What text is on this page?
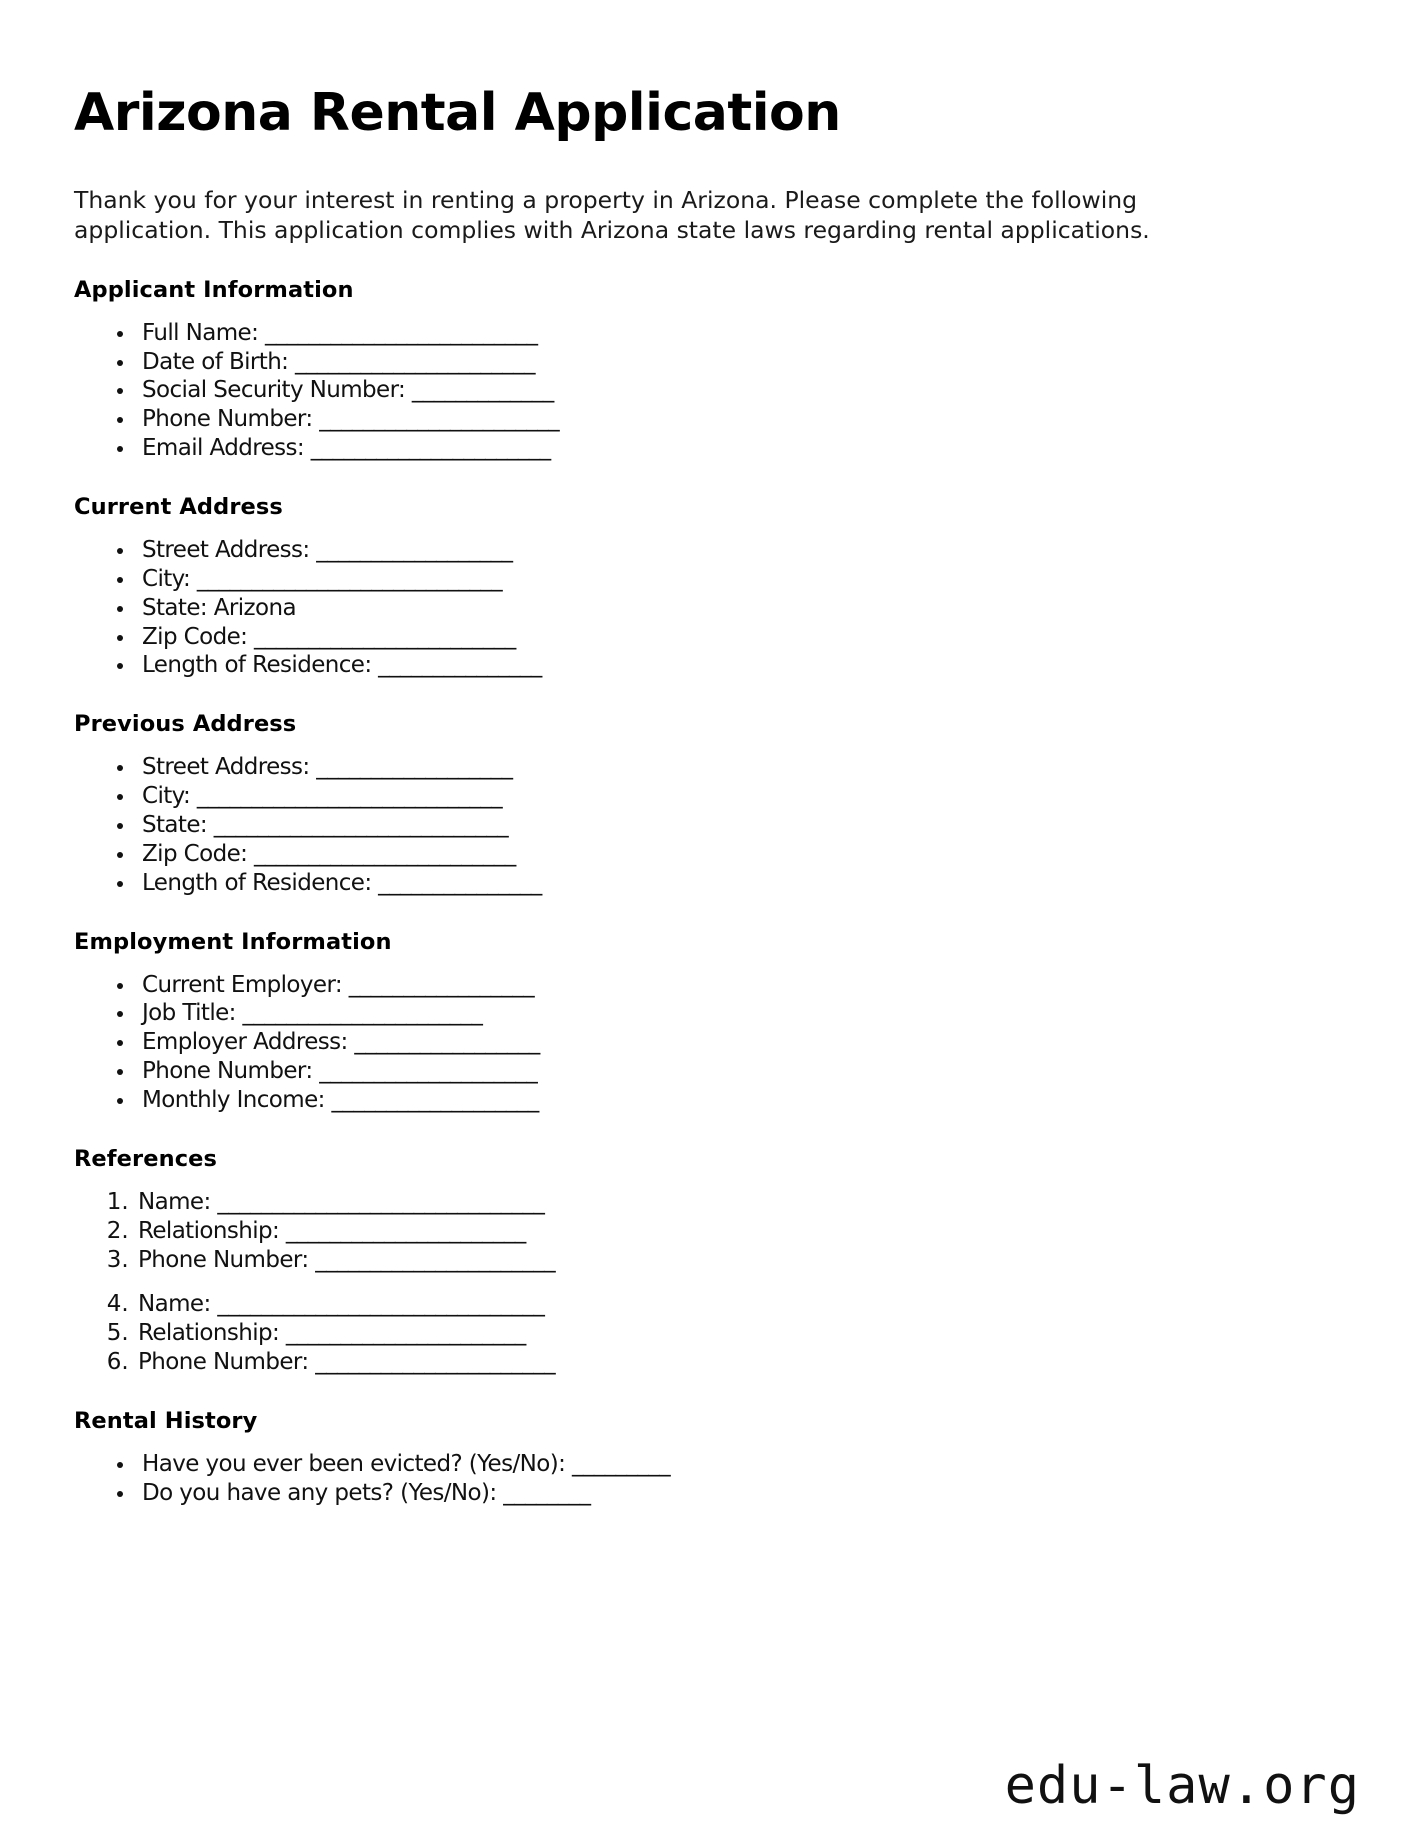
Arizona Rental Application

Thank you for your interest in renting a property in Arizona. Please complete the following application. This application complies with Arizona state laws regarding rental applications.

Applicant Information
• Full Name: _________________________
• Date of Birth: ______________________
• Social Security Number: _____________
• Phone Number: ______________________
• Email Address: ______________________
Current Address
• Street Address: __________________
• City: ____________________________
• State: Arizona
• Zip Code: ________________________
• Length of Residence: _______________
Previous Address
• Street Address: __________________
• City: ____________________________
• State: ___________________________
• Zip Code: ________________________
• Length of Residence: _______________
Employment Information
• Current Employer: _________________
• Job Title: ______________________
• Employer Address: _________________
• Phone Number: ____________________
• Monthly Income: ___________________
References
1. Name: ______________________________
2. Relationship: ______________________
3. Phone Number: ______________________
4. Name: ______________________________
5. Relationship: ______________________
6. Phone Number: ______________________
Rental History
• Have you ever been evicted? (Yes/No): _________
• Do you have any pets? (Yes/No): ________
edu-law.org
